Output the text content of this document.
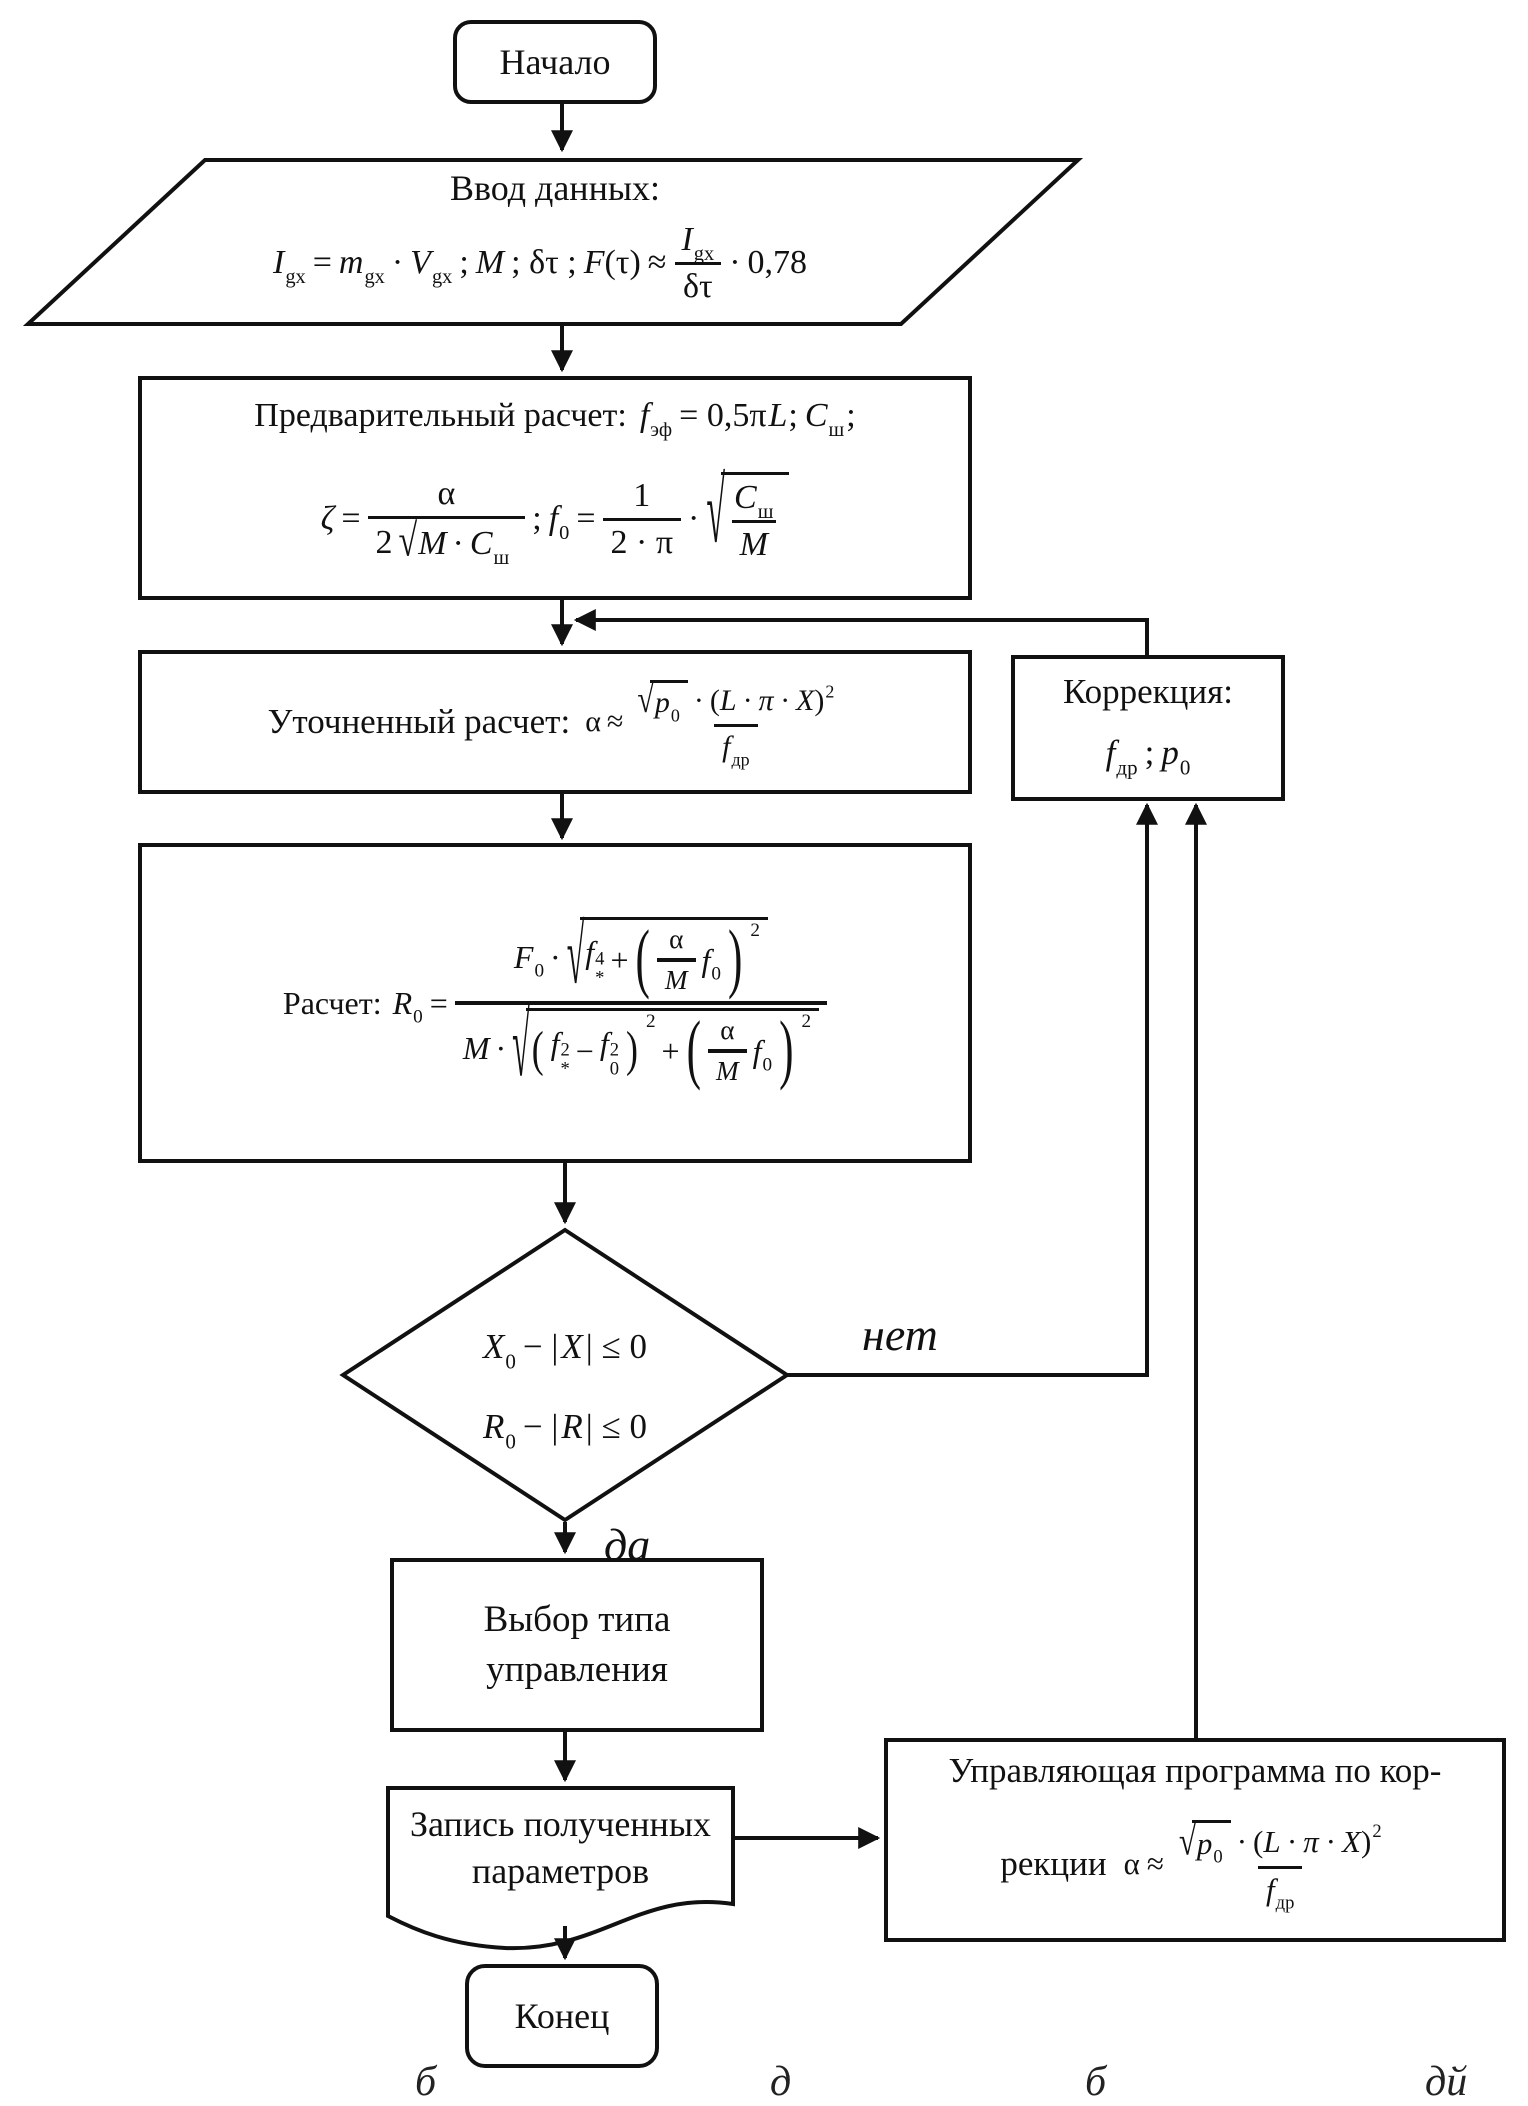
Начало
Ввод данных:
I gx = m gx · V gx ; M ; δτ ; F (τ) ≈
I gx
δτ
· 0,78
Предварительный расчет: f эф = 0,5π L ; C ш ;
ζ =
α
2 √ M · C ш
; f $0 = \frac{1}{2 \cdot \pi}$ · √ C ш
M
Уточненный расчет: α ≈
√ p 0 · ( L · π · X ) 2
f др
Коррекция:
f др ; p 0
Расчет: R 0 =
F 0 · √ f 4
* + ( α
M
f 0 ) 2
M · √ ( f 2
* − f 2
0 ) 2
+ ( α
M
f 0 ) 2
X 0 − | X | ≤ 0
R 0 − | R | ≤ 0
нет
да
Выбор типа управления
Запись полученных параметров
Управляющая программа по кор-
рекции α ≈ √ p 0 · ( L · π · X ) 2
f др
Конец
б	д	б	дй
